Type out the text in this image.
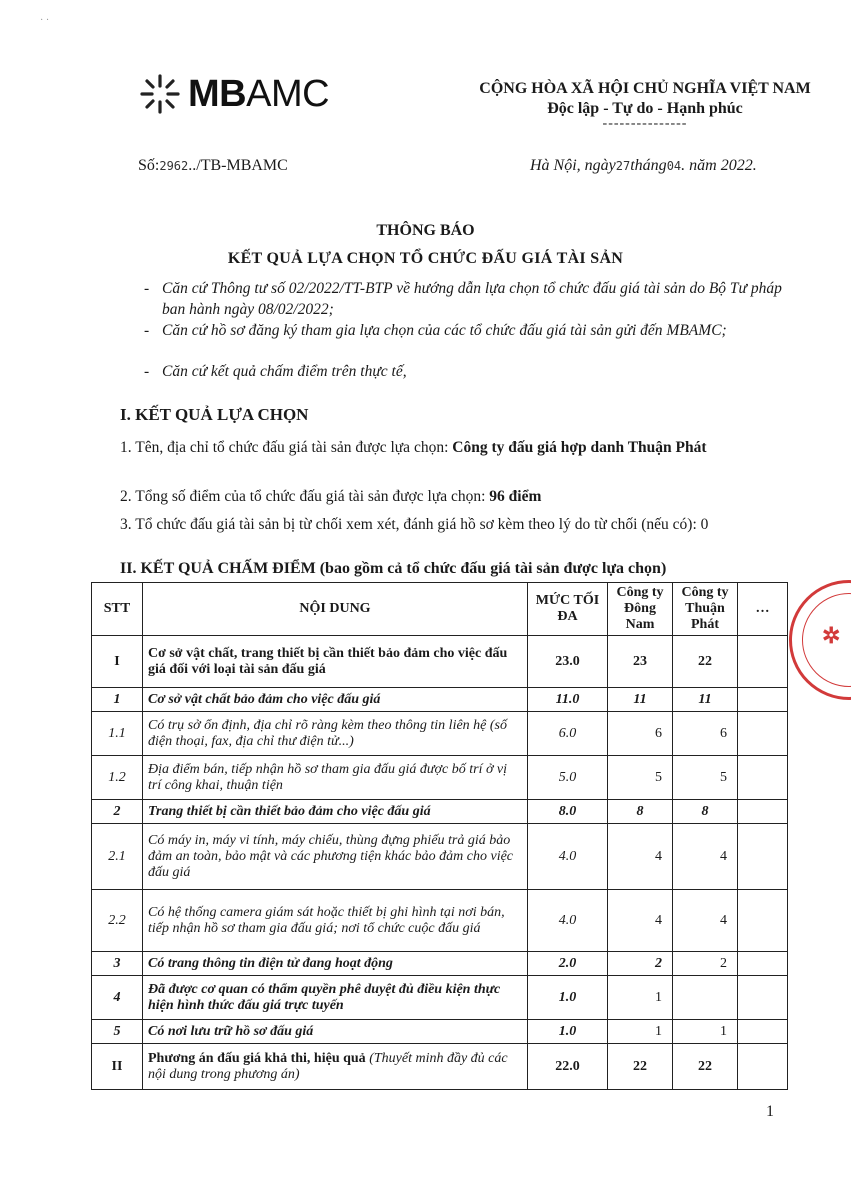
· ·
MBAMC	CỘNG HÒA XÃ HỘI CHỦ NGHĨA VIỆT NAM
Độc lập - Tự do - Hạnh phúc
---------------
Số:2962../TB-MBAMC	Hà Nội, ngày27tháng04. năm 2022.
THÔNG BÁO
KẾT QUẢ LỰA CHỌN TỔ CHỨC ĐẤU GIÁ TÀI SẢN
- Căn cứ Thông tư số 02/2022/TT-BTP về hướng dẫn lựa chọn tổ chức đấu giá tài sản do Bộ Tư pháp ban hành ngày 08/02/2022;
- Căn cứ hồ sơ đăng ký tham gia lựa chọn của các tổ chức đấu giá tài sản gửi đến MBAMC;
- Căn cứ kết quả chấm điểm trên thực tế,
I. KẾT QUẢ LỰA CHỌN
1. Tên, địa chỉ tổ chức đấu giá tài sản được lựa chọn: Công ty đấu giá hợp danh Thuận Phát
2. Tổng số điểm của tổ chức đấu giá tài sản được lựa chọn: 96 điểm
3. Tổ chức đấu giá tài sản bị từ chối xem xét, đánh giá hồ sơ kèm theo lý do từ chối (nếu có): 0
II. KẾT QUẢ CHẤM ĐIỂM (bao gồm cả tổ chức đấu giá tài sản được lựa chọn)
STT	NỘI DUNG	MỨC TỐI ĐA	Công ty Đông Nam	Công ty Thuận Phát	…
I	Cơ sở vật chất, trang thiết bị cần thiết bảo đảm cho việc đấu giá đối với loại tài sản đấu giá	23.0	23	22	
1	Cơ sở vật chất bảo đảm cho việc đấu giá	11.0	11	11	
1.1	Có trụ sở ổn định, địa chỉ rõ ràng kèm theo thông tin liên hệ (số điện thoại, fax, địa chỉ thư điện tử...)	6.0	6	6	
1.2	Địa điểm bán, tiếp nhận hồ sơ tham gia đấu giá được bố trí ở vị trí công khai, thuận tiện	5.0	5	5	
2	Trang thiết bị cần thiết bảo đảm cho việc đấu giá	8.0	8	8	
2.1	Có máy in, máy vi tính, máy chiếu, thùng đựng phiếu trả giá bảo đảm an toàn, bảo mật và các phương tiện khác bảo đảm cho việc đấu giá	4.0	4	4	
2.2	Có hệ thống camera giám sát hoặc thiết bị ghi hình tại nơi bán, tiếp nhận hồ sơ tham gia đấu giá; nơi tổ chức cuộc đấu giá	4.0	4	4	
3	Có trang thông tin điện tử đang hoạt động	2.0	2	2	
4	Đã được cơ quan có thẩm quyền phê duyệt đủ điều kiện thực hiện hình thức đấu giá trực tuyến	1.0	1		
5	Có nơi lưu trữ hồ sơ đấu giá	1.0	1	1	
II	Phương án đấu giá khả thi, hiệu quả (Thuyết minh đầy đủ các nội dung trong phương án)	22.0	22	22	
✲
1
